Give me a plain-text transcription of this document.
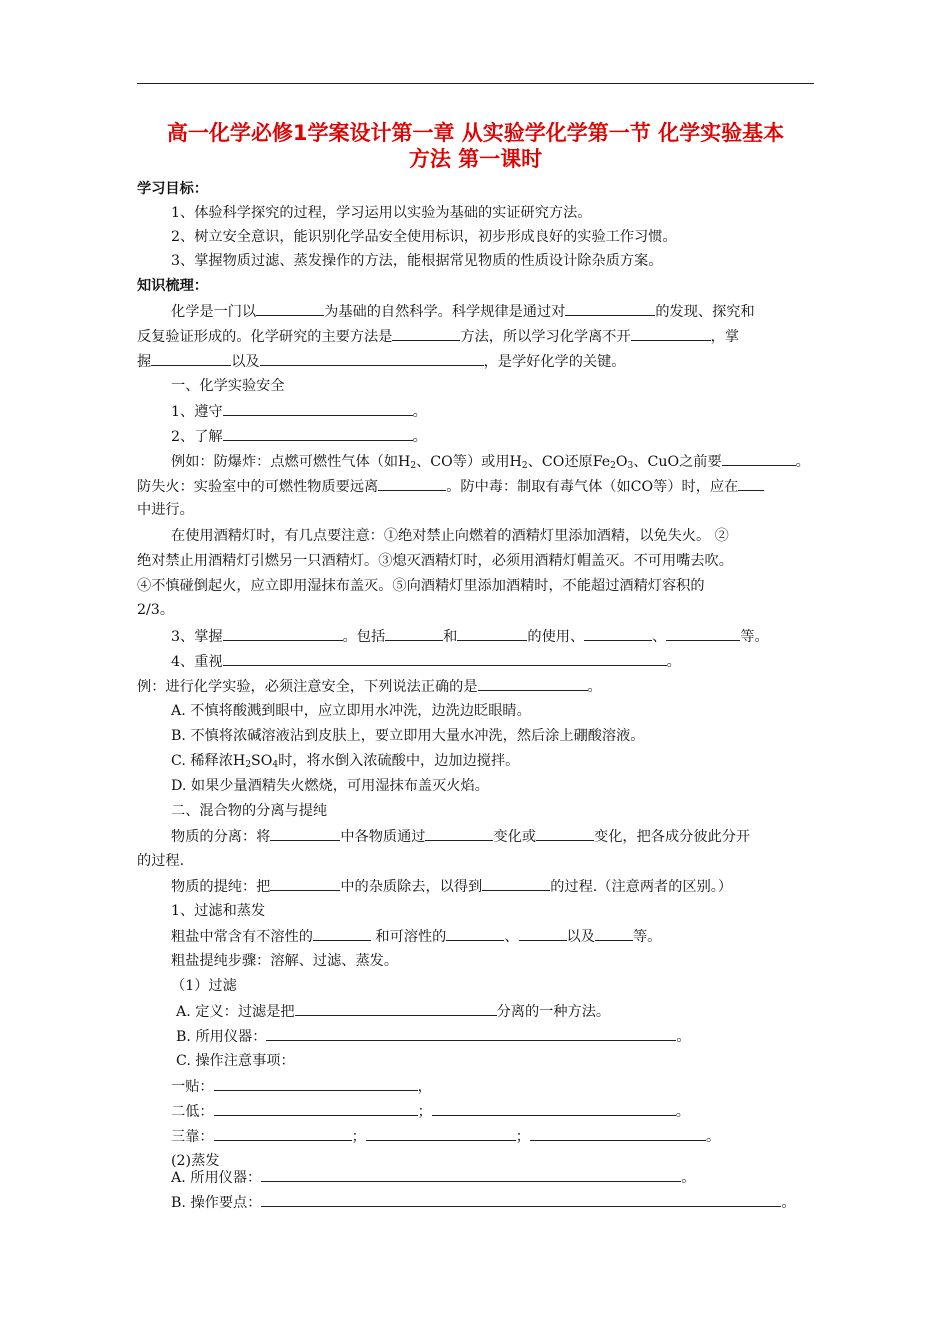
高一化学必修1学案设计第一章 从实验学化学第一节 化学实验基本
方法 第一课时
学习目标：
1、体验科学探究的过程，学习运用以实验为基础的实证研究方法。
2、树立安全意识，能识别化学品安全使用标识，初步形成良好的实验工作习惯。
3、掌握物质过滤、蒸发操作的方法，能根据常见物质的性质设计除杂质方案。
知识梳理：
化学是一门以	为基础的自然科学。科学规律是通过对	的发现、探究和
反复验证形成的。化学研究的主要方法是	方法，所以学习化学离不开	，掌
握	以及	，是学好化学的关键。
一、化学实验安全
1、遵守	。
2、了解	。
例如：防爆炸：点燃可燃性气体（如$H_2$、CO等）或用$H_2$、CO还原$Fe_2O_3$、CuO之前要	。
防失火：实验室中的可燃性物质要远离	。防中毒：制取有毒气体（如CO等）时，应在
中进行。
在使用酒精灯时，有几点要注意：①绝对禁止向燃着的酒精灯里添加酒精，以免失火。 ②
绝对禁止用酒精灯引燃另一只酒精灯。③熄灭酒精灯时，必须用酒精灯帽盖灭。不可用嘴去吹。
④不慎碰倒起火，应立即用湿抹布盖灭。⑤向酒精灯里添加酒精时，不能超过酒精灯容积的
2/3。
3、掌握	。包括	和	的使用、	、	等。
4、重视	。
例：进行化学实验，必须注意安全，下列说法正确的是	。
A. 不慎将酸溅到眼中，应立即用水冲洗，边洗边眨眼睛。
B. 不慎将浓碱溶液沾到皮肤上，要立即用大量水冲洗，然后涂上硼酸溶液。
C. 稀释浓$H_2SO_4$时，将水倒入浓硫酸中，边加边搅拌。
D. 如果少量酒精失火燃烧，可用湿抹布盖灭火焰。
二、混合物的分离与提纯
物质的分离：将	中各物质通过	变化或	变化，把各成分彼此分开
的过程.
物质的提纯：把	中的杂质除去，以得到	的过程.（注意两者的区别。）
1、过滤和蒸发
粗盐中常含有不溶性的	和可溶性的	、	以及	等。
粗盐提纯步骤：溶解、过滤、蒸发。
（1）过滤
A. 定义：过滤是把	分离的一种方法。
B. 所用仪器：	。
C. 操作注意事项：
一贴：	，
二低：	；	。
三靠：	；	；	。
(2)蒸发
A. 所用仪器：	。
B. 操作要点：	。
